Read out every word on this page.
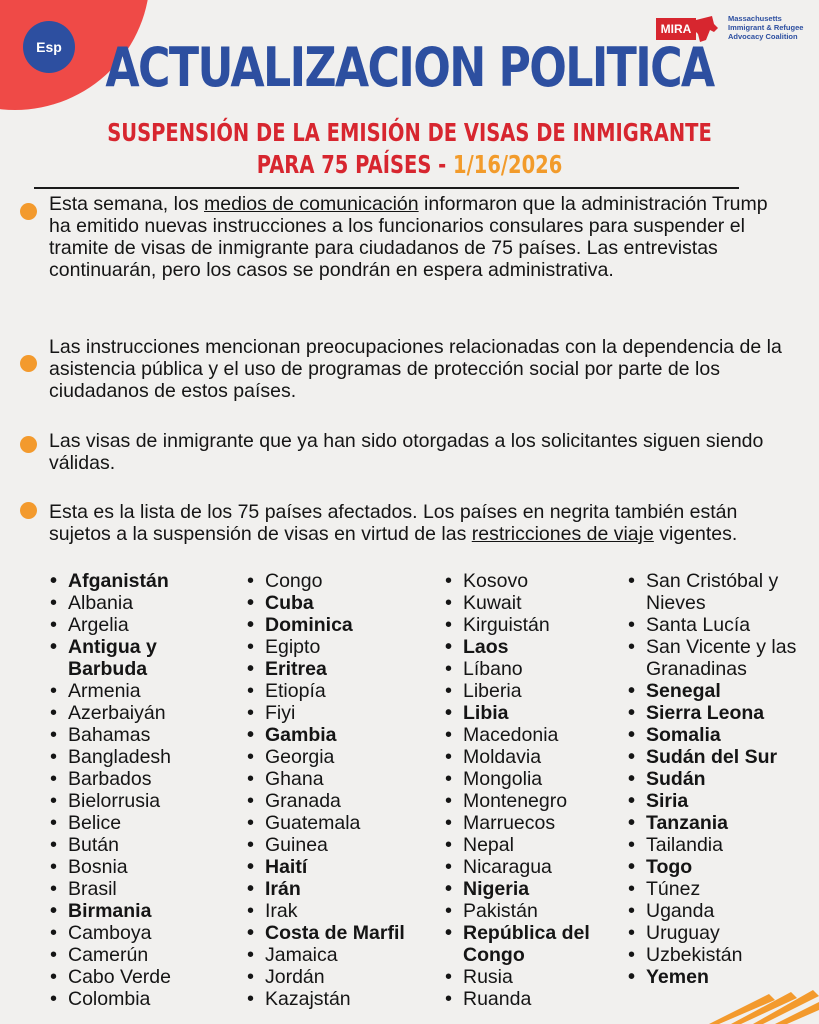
Esp
MIRA
Massachusetts
Immigrant & Refugee
Advocacy Coalition
ACTUALIZACION POLITICA
SUSPENSIÓN DE LA EMISIÓN DE VISAS DE INMIGRANTE
PARA 75 PAÍSES - 1/16/2026
Esta semana, los medios de comunicación informaron que la administración Trump ha emitido nuevas instrucciones a los funcionarios consulares para suspender el tramite de visas de inmigrante para ciudadanos de 75 países. Las entrevistas continuarán, pero los casos se pondrán en espera administrativa.
Las instrucciones mencionan preocupaciones relacionadas con la dependencia de la asistencia pública y el uso de programas de protección social por parte de los ciudadanos de estos países.
Las visas de inmigrante que ya han sido otorgadas a los solicitantes siguen siendo válidas.
Esta es la lista de los 75 países afectados. Los países en negrita también están sujetos a la suspensión de visas en virtud de las restricciones de viaje vigentes.
• Afganistán
• Albania
• Argelia
• Antigua y Barbuda
• Armenia
• Azerbaiyán
• Bahamas
• Bangladesh
• Barbados
• Bielorrusia
• Belice
• Bután
• Bosnia
• Brasil
• Birmania
• Camboya
• Camerún
• Cabo Verde
• Colombia
• Congo
• Cuba
• Dominica
• Egipto
• Eritrea
• Etiopía
• Fiyi
• Gambia
• Georgia
• Ghana
• Granada
• Guatemala
• Guinea
• Haití
• Irán
• Irak
• Costa de Marfil
• Jamaica
• Jordán
• Kazajstán
• Kosovo
• Kuwait
• Kirguistán
• Laos
• Líbano
• Liberia
• Libia
• Macedonia
• Moldavia
• Mongolia
• Montenegro
• Marruecos
• Nepal
• Nicaragua
• Nigeria
• Pakistán
• República del Congo
• Rusia
• Ruanda
• San Cristóbal y Nieves
• Santa Lucía
• San Vicente y las Granadinas
• Senegal
• Sierra Leona
• Somalia
• Sudán del Sur
• Sudán
• Siria
• Tanzania
• Tailandia
• Togo
• Túnez
• Uganda
• Uruguay
• Uzbekistán
• Yemen
